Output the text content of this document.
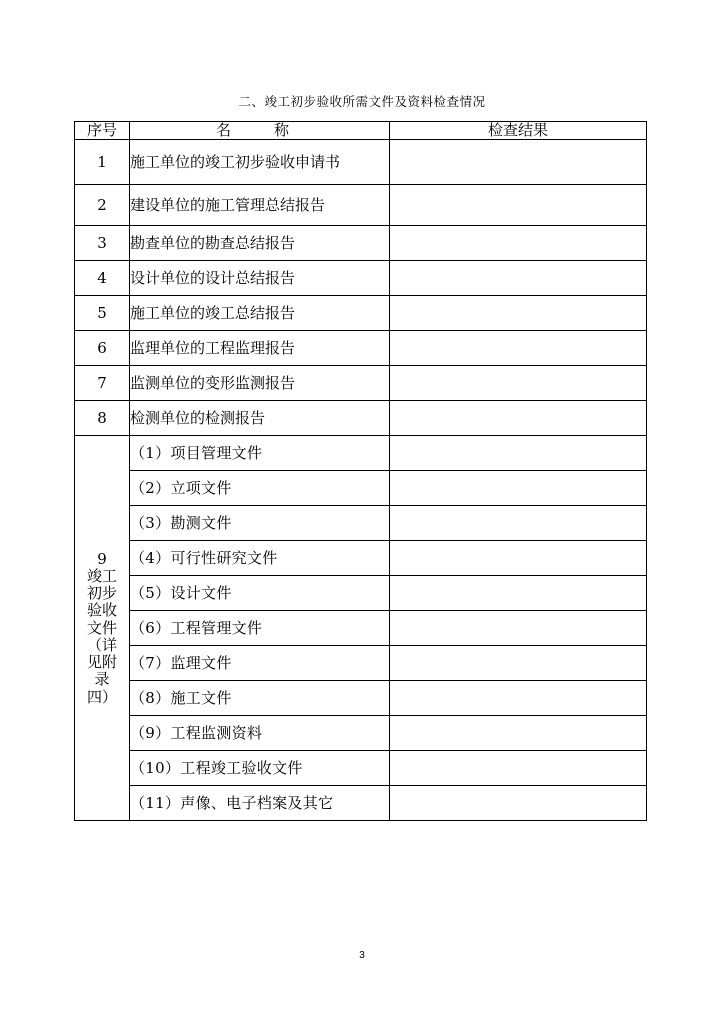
二、竣工初步验收所需文件及资料检查情况
序号	名　称	检查结果
1	施工单位的竣工初步验收申请书	
2	建设单位的施工管理总结报告	
3	勘查单位的勘查总结报告	
4	设计单位的设计总结报告	
5	施工单位的竣工总结报告	
6	监理单位的工程监理报告	
7	监测单位的变形监测报告	
8	检测单位的检测报告	

9
竣工初步验收文件（详见附录四）	（1）项目管理文件	
	（2）立项文件	
	（3）勘测文件	
	（4）可行性研究文件	
	（5）设计文件	
	（6）工程管理文件	
	（7）监理文件	
	（8）施工文件	
	（9）工程监测资料	
	（10）工程竣工验收文件	
	（11）声像、电子档案及其它	
3
